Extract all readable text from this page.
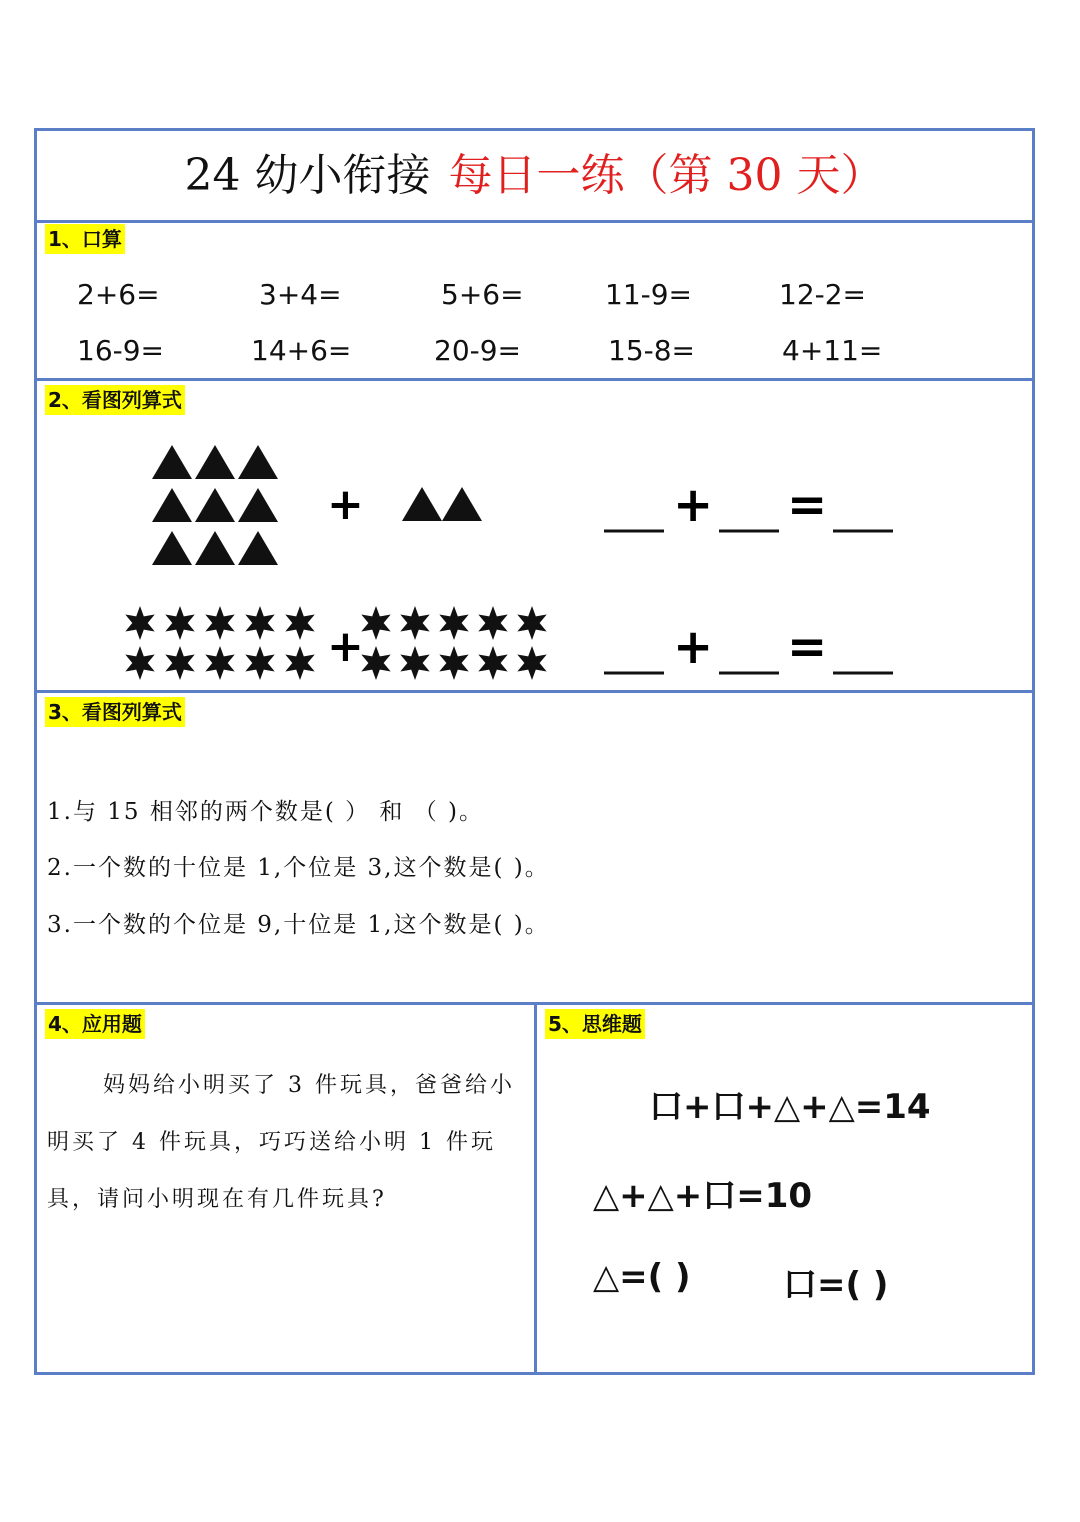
24 幼小衔接 每日一练（第 30 天）
1、口算
2+6=	3+4=	5+6=	11-9=	12-2=
16-9=	14+6=	20-9=	15-8=	4+11=
2、看图列算式
+
+
+ =
+ =
3、看图列算式
1.与 15 相邻的两个数是( ） 和 （ )。
2.一个数的十位是 1,个位是 3,这个数是( )。
3.一个数的个位是 9,十位是 1,这个数是( )。
4、应用题
妈妈给小明买了 3 件玩具，爸爸给小明买了 4 件玩具，巧巧送给小明 1 件玩具，请问小明现在有几件玩具?
5、思维题
口+口+△+△=14
△+△+口=10
△=( )	口=( )
